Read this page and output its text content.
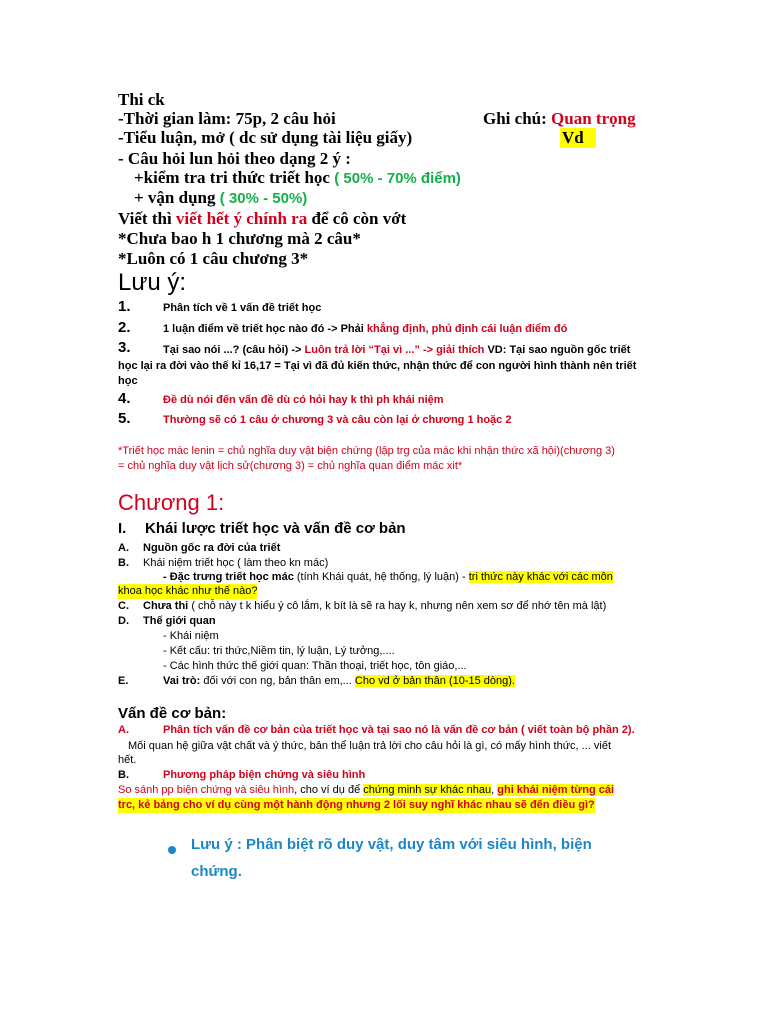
Thi ck
-Thời gian làm: 75p, 2 câu hỏi	Ghi chú: Quan trọng
-Tiểu luận, mở ( dc sử dụng tài liệu giấy)	Vd
- Câu hỏi lun hỏi theo dạng 2 ý :
+kiểm tra tri thức triết học ( 50% - 70% điểm)
+ vận dụng ( 30% - 50%)
Viết thì viết hết ý chính ra để cô còn vớt
*Chưa bao h 1 chương mà 2 câu*
*Luôn có 1 câu chương 3*
Lưu ý:
1.	Phân tích về 1 vấn đề triết học
2.	1 luận điểm về triết học nào đó -> Phải khẳng định, phủ định cái luận điểm đó
3.	Tại sao nói ...? (câu hỏi) -> Luôn trả lời “Tại vì ...” -> giải thích VD: Tại sao nguồn gốc triết
học lại ra đời vào thế kỉ 16,17 = Tại vì đã đủ kiến thức, nhận thức để con người hình thành nên triết
học
4.	Đề dù nói đến vấn đề dù có hỏi hay k thì ph khái niệm
5.	Thường sẽ có 1 câu ở chương 3 và câu còn lại ở chương 1 hoặc 2
*Triết học mác lenin = chủ nghĩa duy vật biện chứng (lập trg của mác khi nhận thức xã hội)(chương 3)
= chủ nghĩa duy vật lịch sử(chương 3) = chủ nghĩa quan điểm mác xit*
Chương 1:
I. Khái lược triết học và vấn đề cơ bản
A. Nguồn gốc ra đời của triết
B. Khái niệm triết học ( làm theo kn mác)
- Đặc trưng triết học mác (tính Khái quát, hệ thống, lý luận) - tri thức này khác với các môn
khoa học khác như thế nào?
C. Chưa thi ( chỗ này t k hiểu ý cô lắm, k bít là sẽ ra hay k, nhưng nên xem sơ để nhớ tên mà lật)
D. Thế giới quan
- Khái niệm
- Kết cấu: tri thức,Niềm tin, lý luận, Lý tưởng,....
- Các hình thức thế giới quan: Thần thoại, triết học, tôn giáo,...
E.	Vai trò: đối với con ng, bản thân em,... Cho vd ở bản thân (10-15 dòng).
Vấn đề cơ bản:
A.	Phân tích vấn đề cơ bản của triết học và tại sao nó là vấn đề cơ bản ( viết toàn bộ phần 2).
Mối quan hệ giữa vật chất và ý thức, bản thể luận trả lời cho câu hỏi là gì, có mấy hình thức, ... viết
hết.
B.	Phương pháp biện chứng và siêu hình
So sánh pp biện chứng và siêu hình, cho ví dụ để chứng minh sự khác nhau, ghi khái niệm từng cái
trc, kẻ bảng cho ví dụ cùng một hành động nhưng 2 lối suy nghĩ khác nhau sẽ đến điều gì?
Lưu ý : Phân biệt rõ duy vật, duy tâm với siêu hình, biện
chứng.
